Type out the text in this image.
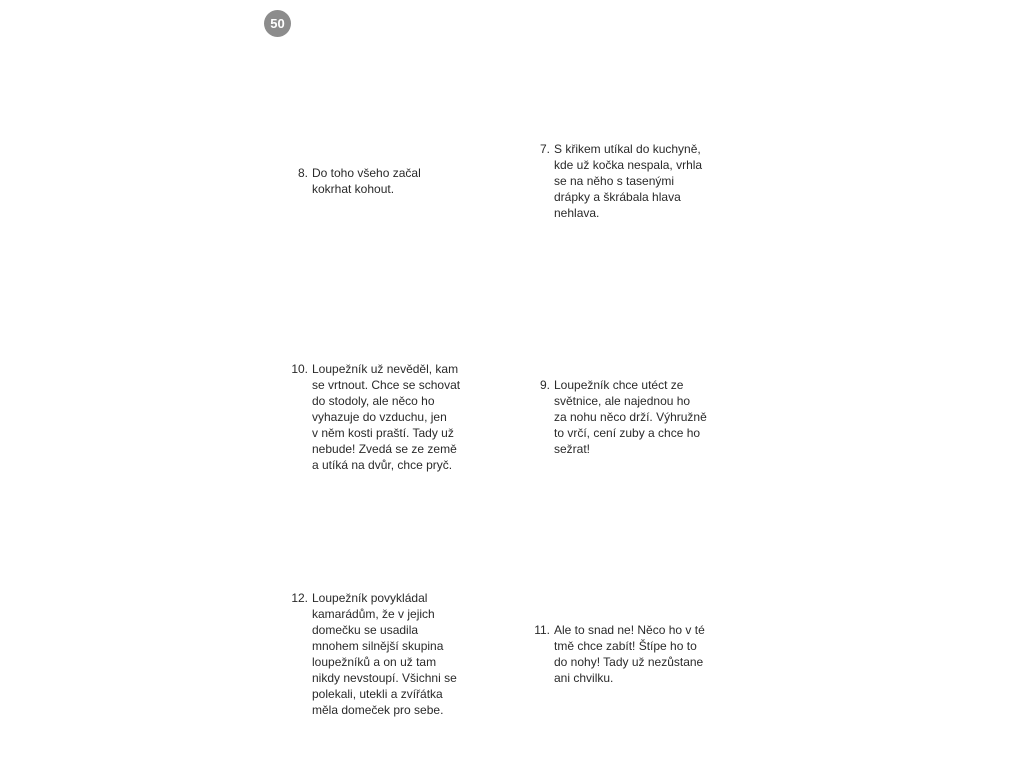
50
8. Do toho všeho začal
kokrhat kohout.
7. S křikem utíkal do kuchyně,
kde už kočka nespala, vrhla
se na něho s tasenými
drápky a škrábala hlava
nehlava.
10. Loupežník už nevěděl, kam
se vrtnout. Chce se schovat
do stodoly, ale něco ho
vyhazuje do vzduchu, jen
v něm kosti praští. Tady už
nebude! Zvedá se ze země
a utíká na dvůr, chce pryč.
9. Loupežník chce utéct ze
světnice, ale najednou ho
za nohu něco drží. Výhružně
to vrčí, cení zuby a chce ho
sežrat!
12. Loupežník povykládal
kamarádům, že v jejich
domečku se usadila
mnohem silnější skupina
loupežníků a on už tam
nikdy nevstoupí. Všichni se
polekali, utekli a zvířátka
měla domeček pro sebe.
11. Ale to snad ne! Něco ho v té
tmě chce zabít! Štípe ho to
do nohy! Tady už nezůstane
ani chvilku.
